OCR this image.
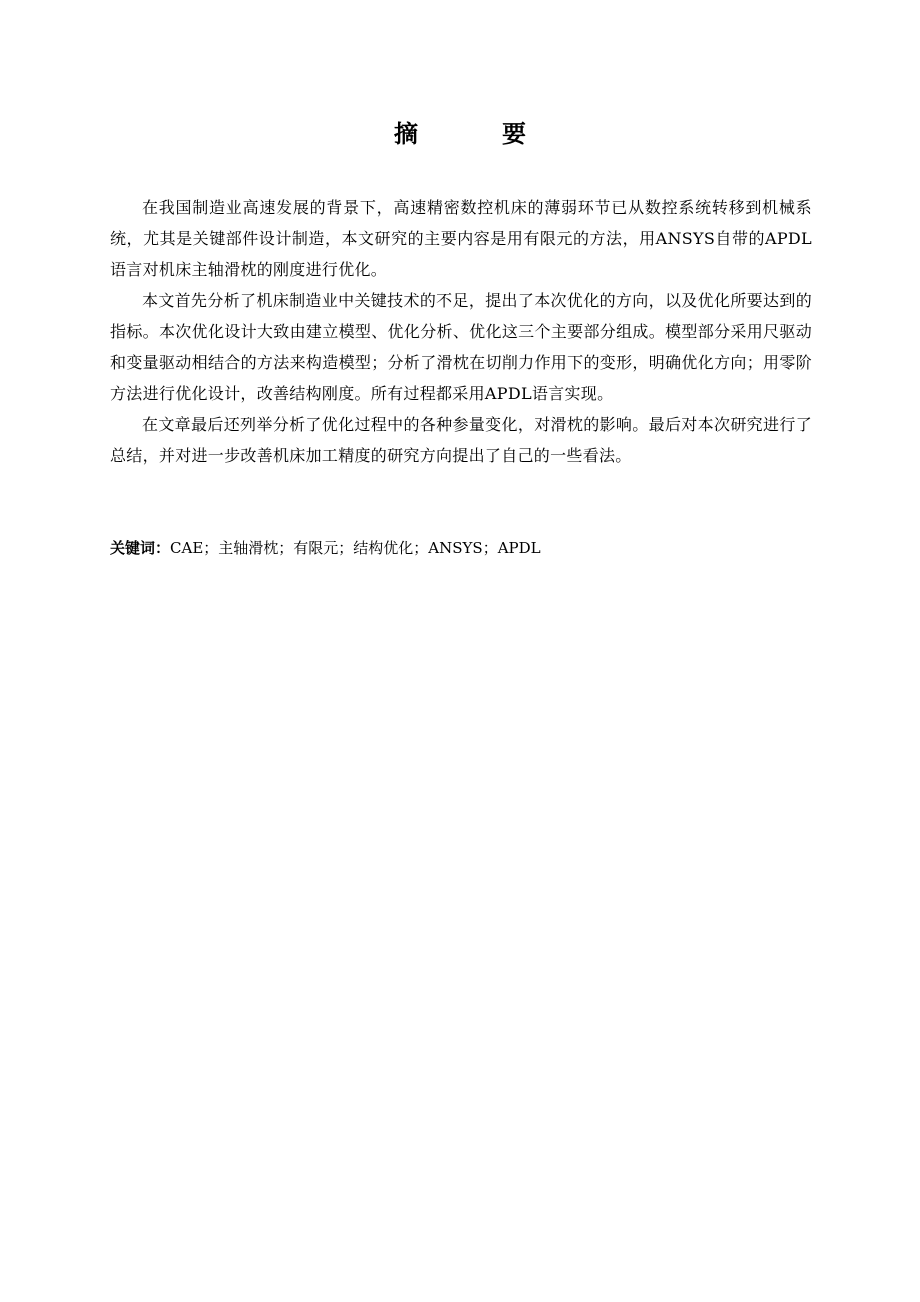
摘　要

在我国制造业高速发展的背景下，高速精密数控机床的薄弱环节已从数控系统转移到机械系统，尤其是关键部件设计制造，本文研究的主要内容是用有限元的方法，用ANSYS自带的APDL语言对机床主轴滑枕的刚度进行优化。

本文首先分析了机床制造业中关键技术的不足，提出了本次优化的方向，以及优化所要达到的指标。本次优化设计大致由建立模型、优化分析、优化这三个主要部分组成。模型部分采用尺驱动和变量驱动相结合的方法来构造模型；分析了滑枕在切削力作用下的变形，明确优化方向；用零阶方法进行优化设计，改善结构刚度。所有过程都采用APDL语言实现。

在文章最后还列举分析了优化过程中的各种参量变化，对滑枕的影响。最后对本次研究进行了总结，并对进一步改善机床加工精度的研究方向提出了自己的一些看法。

关键词：CAE；主轴滑枕；有限元；结构优化；ANSYS；APDL
